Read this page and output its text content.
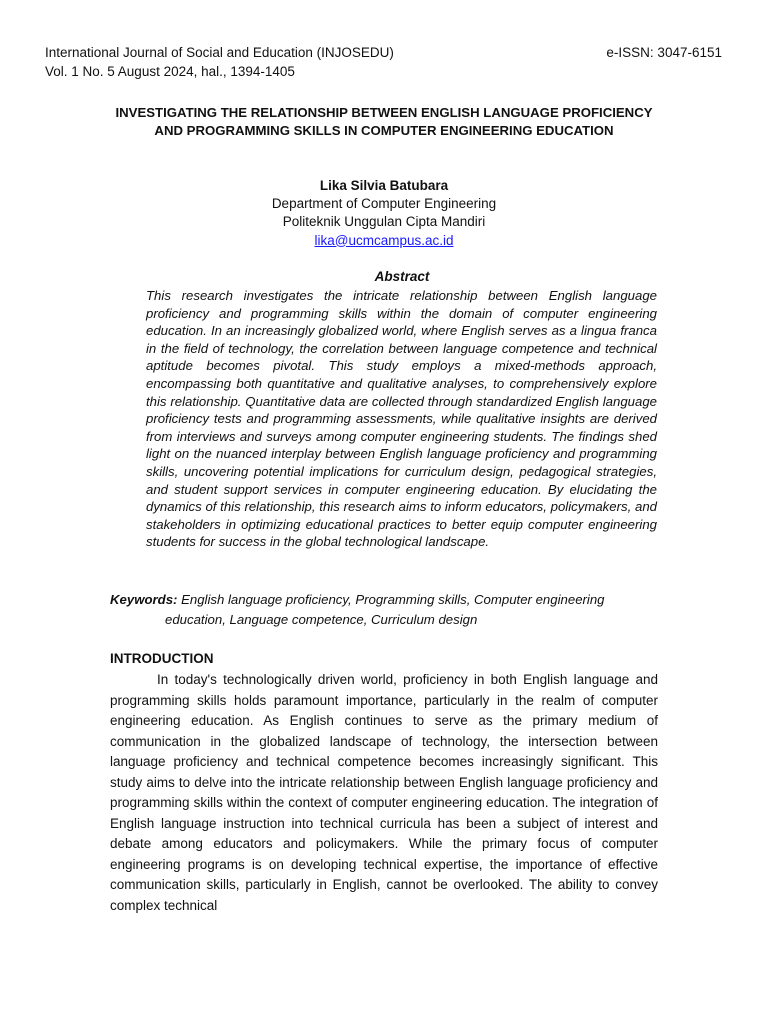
International Journal of Social and Education (INJOSEDU)
Vol. 1 No. 5 August 2024, hal., 1394-1405
e-ISSN: 3047-6151
INVESTIGATING THE RELATIONSHIP BETWEEN ENGLISH LANGUAGE PROFICIENCY AND PROGRAMMING SKILLS IN COMPUTER ENGINEERING EDUCATION
Lika Silvia Batubara
Department of Computer Engineering
Politeknik Unggulan Cipta Mandiri
lika@ucmcampus.ac.id
Abstract
This research investigates the intricate relationship between English language proficiency and programming skills within the domain of computer engineering education. In an increasingly globalized world, where English serves as a lingua franca in the field of technology, the correlation between language competence and technical aptitude becomes pivotal. This study employs a mixed-methods approach, encompassing both quantitative and qualitative analyses, to comprehensively explore this relationship. Quantitative data are collected through standardized English language proficiency tests and programming assessments, while qualitative insights are derived from interviews and surveys among computer engineering students. The findings shed light on the nuanced interplay between English language proficiency and programming skills, uncovering potential implications for curriculum design, pedagogical strategies, and student support services in computer engineering education. By elucidating the dynamics of this relationship, this research aims to inform educators, policymakers, and stakeholders in optimizing educational practices to better equip computer engineering students for success in the global technological landscape.
Keywords: English language proficiency, Programming skills, Computer engineering
education, Language competence, Curriculum design
INTRODUCTION
In today's technologically driven world, proficiency in both English language and programming skills holds paramount importance, particularly in the realm of computer engineering education. As English continues to serve as the primary medium of communication in the globalized landscape of technology, the intersection between language proficiency and technical competence becomes increasingly significant. This study aims to delve into the intricate relationship between English language proficiency and programming skills within the context of computer engineering education. The integration of English language instruction into technical curricula has been a subject of interest and debate among educators and policymakers. While the primary focus of computer engineering programs is on developing technical expertise, the importance of effective communication skills, particularly in English, cannot be overlooked. The ability to convey complex technical
